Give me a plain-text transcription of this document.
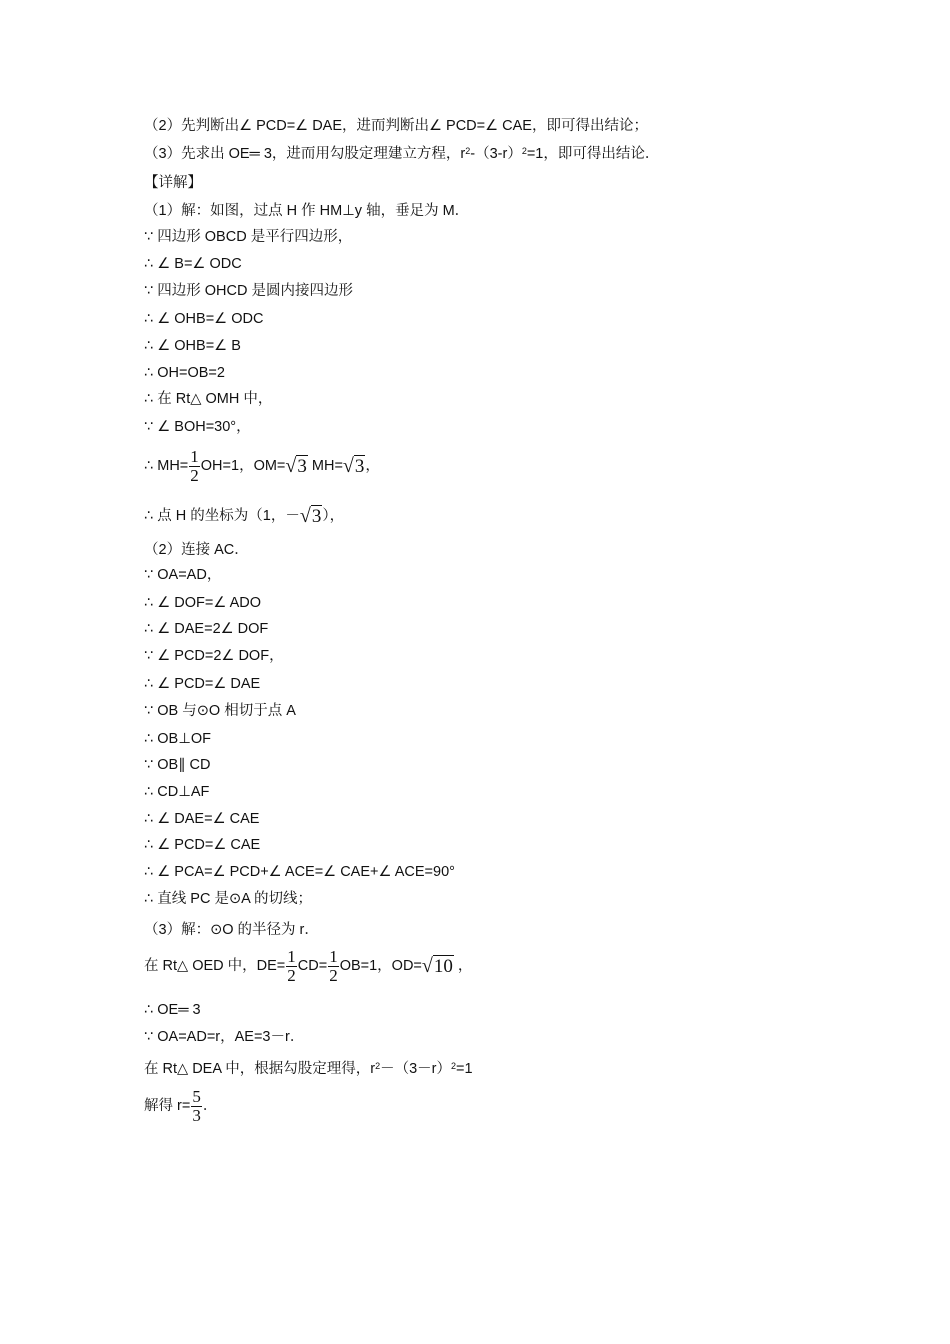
（2）先判断出∠ PCD=∠ DAE，进而判断出∠ PCD=∠ CAE，即可得出结论；
（3）先求出 OE═ 3，进而用勾股定理建立方程，$r^2-(3-r)^2=1$，即可得出结论．
【详解】
（1）解：如图，过点 H 作 HM⊥y 轴，垂足为 M．
∵ 四边形 OBCD 是平行四边形，
∴ ∠ B=∠ ODC
∵ 四边形 OHCD 是圆内接四边形
∴ ∠ OHB=∠ ODC
∴ ∠ OHB=∠ B
∴ OH=OB=2
∴ 在 Rt△ OMH 中，
∵ ∠ BOH=30°，
∴ $MH= \frac{1}{2} OH=1$，OM=√3 MH=√3，
∴ 点 H 的坐标为（1，－√3），
（2）连接 AC．
∵ OA=AD，
∴ ∠ DOF=∠ ADO
∴ ∠ DAE=2∠ DOF
∵ ∠ PCD=2∠ DOF，
∴ ∠ PCD=∠ DAE
∵ OB 与⊙O 相切于点 A
∴ OB⊥OF
∵ OB∥ CD
∴ CD⊥AF
∴ ∠ DAE=∠ CAE
∴ ∠ PCD=∠ CAE
∴ ∠ PCA=∠ PCD+∠ ACE=∠ CAE+∠ ACE=90°
∴ 直线 PC 是⊙A 的切线；
（3）解：⊙O 的半径为 r．
在 Rt△ OED 中，$DE= \frac{1}{2} CD= \frac{1}{2} OB=1$，OD=√10 ，
∴ OE═ 3
∵ OA=AD=r，AE=3－r．
在 Rt△ DEA 中，根据勾股定理得，$r^2-(3-r)^2=1$
解得 $r= \frac{5}{3}$ ．
